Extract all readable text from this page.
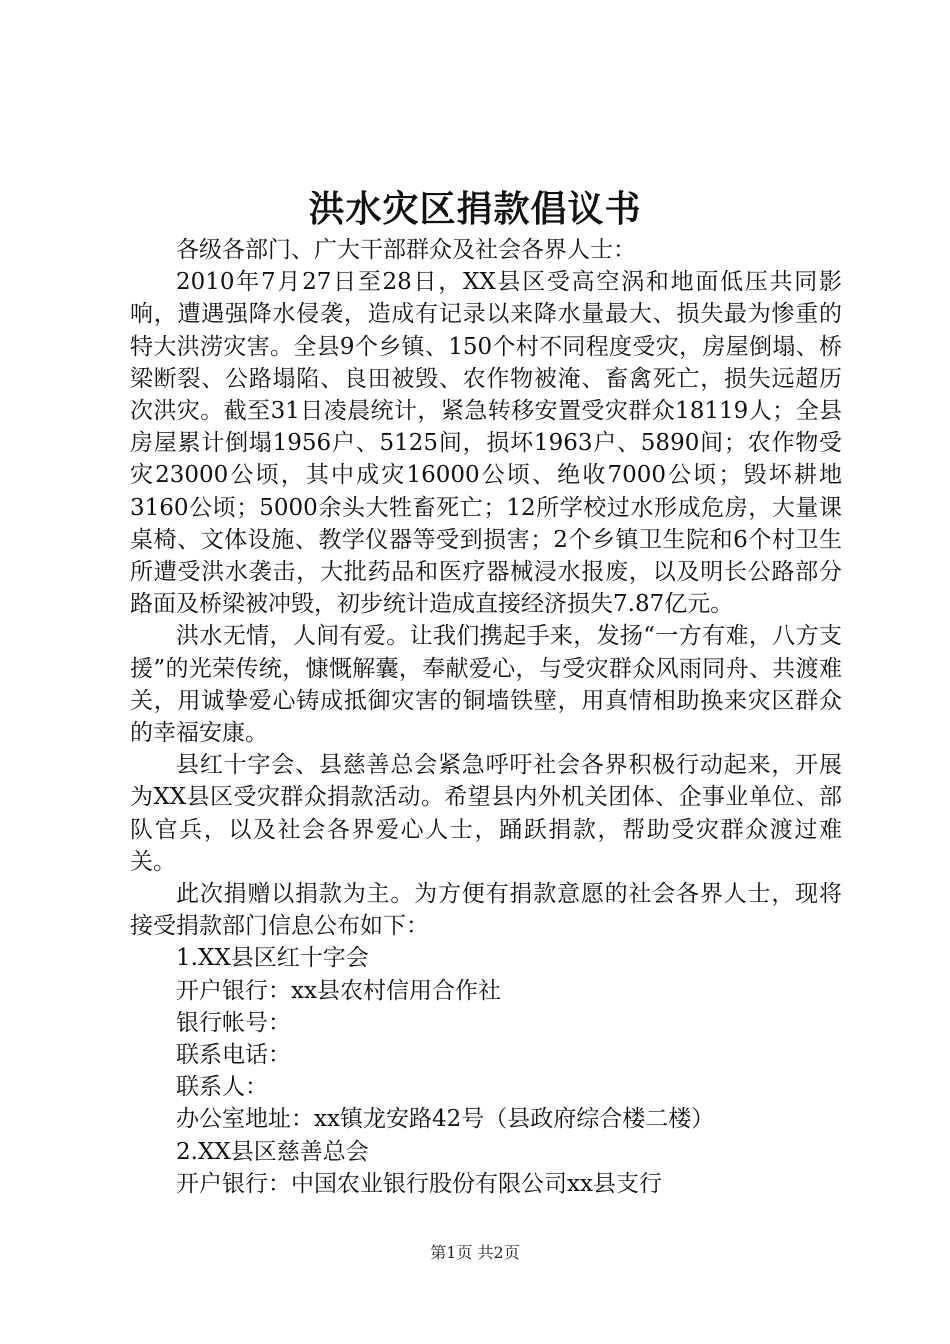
洪水灾区捐款倡议书

各级各部门、广大干部群众及社会各界人士：

2010年7月27日至28日，XX县区受高空涡和地面低压共同影响，遭遇强降水侵袭，造成有记录以来降水量最大、损失最为惨重的特大洪涝灾害。全县9个乡镇、150个村不同程度受灾，房屋倒塌、桥梁断裂、公路塌陷、良田被毁、农作物被淹、畜禽死亡，损失远超历次洪灾。截至31日凌晨统计，紧急转移安置受灾群众18119人；全县房屋累计倒塌1956户、5125间，损坏1963户、5890间；农作物受灾23000公顷，其中成灾16000公顷、绝收7000公顷；毁坏耕地3160公顷；5000余头大牲畜死亡；12所学校过水形成危房，大量课桌椅、文体设施、教学仪器等受到损害；2个乡镇卫生院和6个村卫生所遭受洪水袭击，大批药品和医疗器械浸水报废，以及明长公路部分路面及桥梁被冲毁，初步统计造成直接经济损失7.87亿元。

洪水无情，人间有爱。让我们携起手来，发扬“一方有难，八方支援”的光荣传统，慷慨解囊，奉献爱心，与受灾群众风雨同舟、共渡难关，用诚挚爱心铸成抵御灾害的铜墙铁壁，用真情相助换来灾区群众的幸福安康。

县红十字会、县慈善总会紧急呼吁社会各界积极行动起来，开展为XX县区受灾群众捐款活动。希望县内外机关团体、企事业单位、部队官兵，以及社会各界爱心人士，踊跃捐款，帮助受灾群众渡过难关。

此次捐赠以捐款为主。为方便有捐款意愿的社会各界人士，现将接受捐款部门信息公布如下：

1.XX县区红十字会

开户银行：xx县农村信用合作社

银行帐号：

联系电话：

联系人：

办公室地址：xx镇龙安路42号（县政府综合楼二楼）

2.XX县区慈善总会

开户银行：中国农业银行股份有限公司xx县支行

第1页 共2页
